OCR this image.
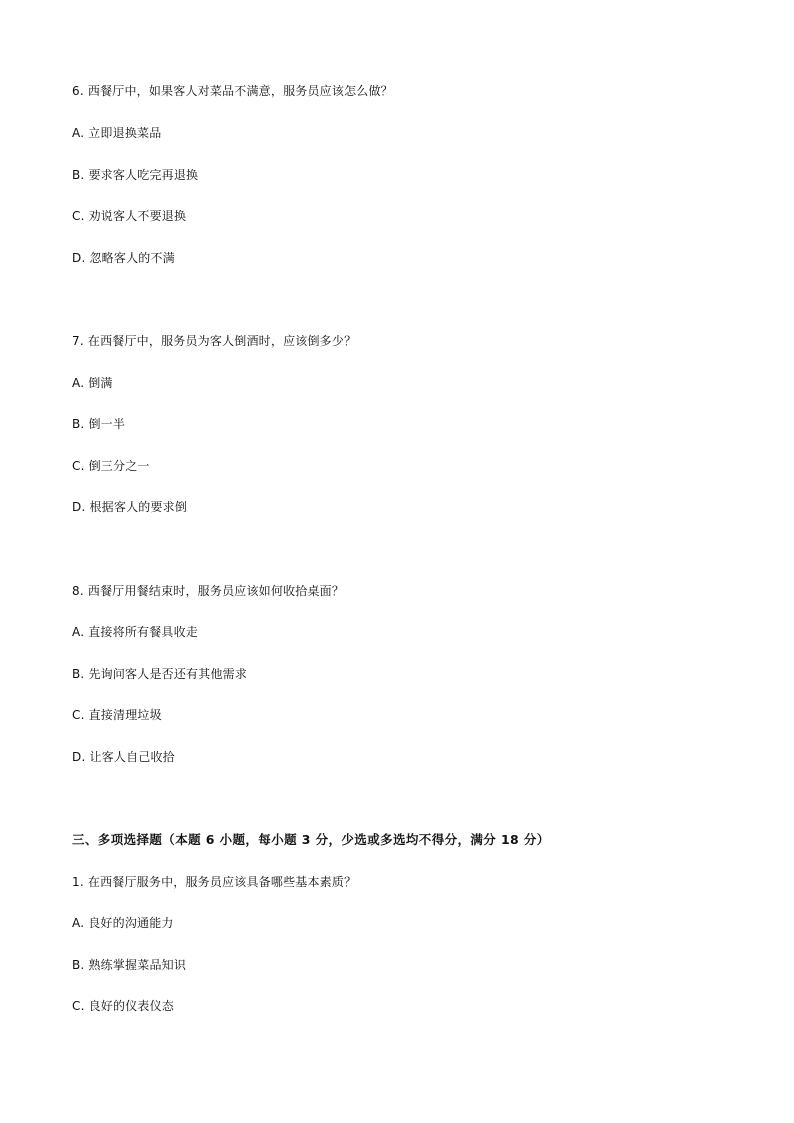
6. 西餐厅中，如果客人对菜品不满意，服务员应该怎么做？
A. 立即退换菜品
B. 要求客人吃完再退换
C. 劝说客人不要退换
D. 忽略客人的不满
7. 在西餐厅中，服务员为客人倒酒时，应该倒多少？
A. 倒满
B. 倒一半
C. 倒三分之一
D. 根据客人的要求倒
8. 西餐厅用餐结束时，服务员应该如何收拾桌面？
A. 直接将所有餐具收走
B. 先询问客人是否还有其他需求
C. 直接清理垃圾
D. 让客人自己收拾
三、多项选择题（本题 6 小题，每小题 3 分，少选或多选均不得分，满分 18 分）
1. 在西餐厅服务中，服务员应该具备哪些基本素质？
A. 良好的沟通能力
B. 熟练掌握菜品知识
C. 良好的仪表仪态
